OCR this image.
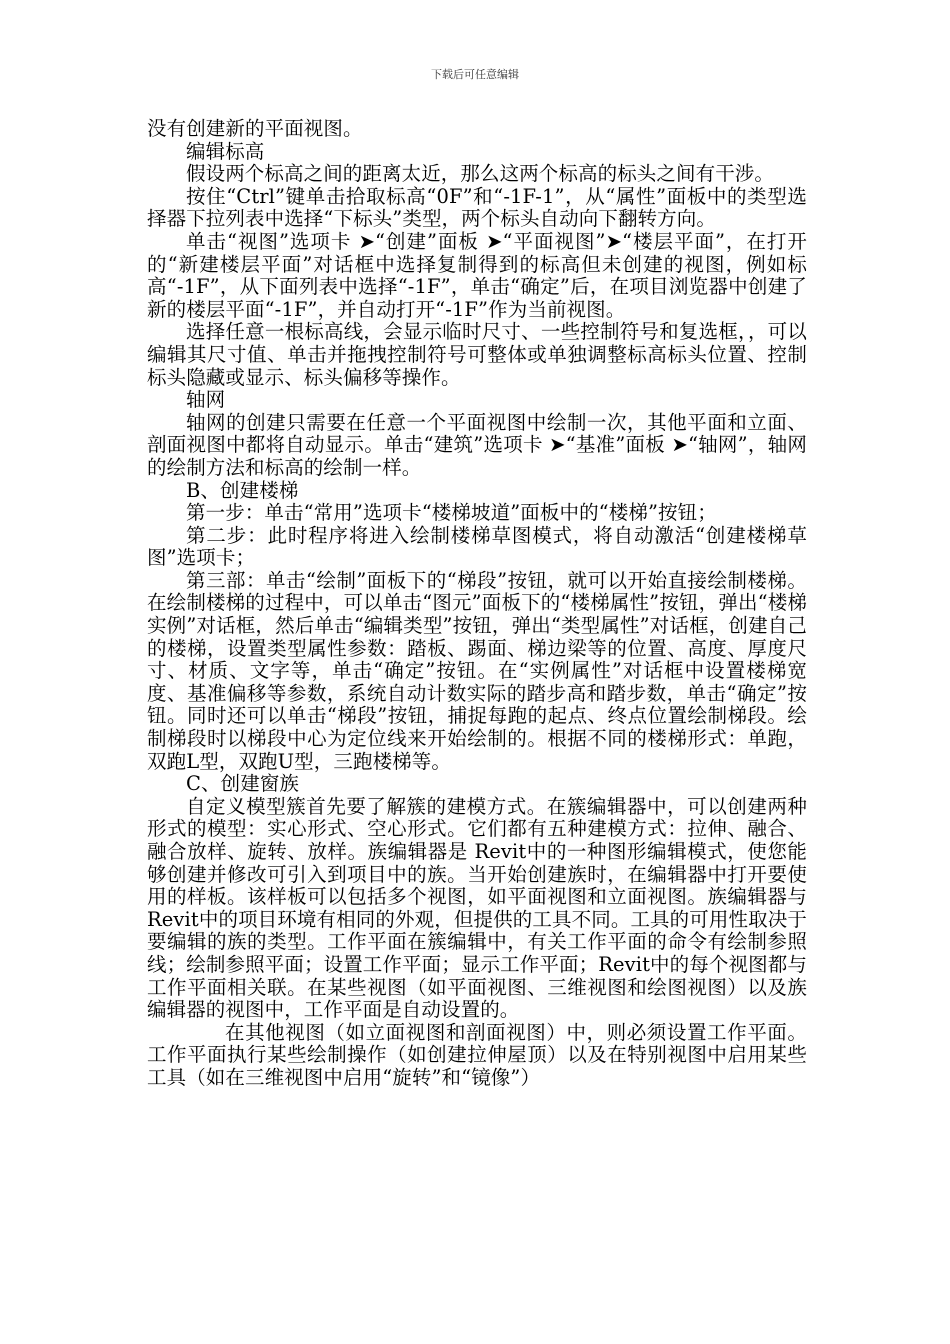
下载后可任意编辑

没有创建新的平面视图。

编辑标高

假设两个标高之间的距离太近，那么这两个标高的标头之间有干涉。

按住“Ctrl”键单击拾取标高“0F”和“-1F-1”，从“属性”面板中的类型选择器下拉列表中选择“下标头”类型，两个标头自动向下翻转方向。

单击“视图”选项卡 ➤“创建”面板 ➤“平面视图”➤“楼层平面”，在打开的“新建楼层平面”对话框中选择复制得到的标高但未创建的视图，例如标高“-1F”，从下面列表中选择“-1F”，单击“确定”后，在项目浏览器中创建了新的楼层平面“-1F”，并自动打开“-1F”作为当前视图。

选择任意一根标高线，会显示临时尺寸、一些控制符号和复选框，，可以编辑其尺寸值、单击并拖拽控制符号可整体或单独调整标高标头位置、控制标头隐藏或显示、标头偏移等操作。

轴网

轴网的创建只需要在任意一个平面视图中绘制一次，其他平面和立面、剖面视图中都将自动显示。单击“建筑”选项卡 ➤“基准”面板 ➤“轴网”，轴网的绘制方法和标高的绘制一样。

B、创建楼梯

第一步：单击“常用”选项卡“楼梯坡道”面板中的“楼梯”按钮；

第二步：此时程序将进入绘制楼梯草图模式，将自动激活“创建楼梯草图”选项卡；

第三部：单击“绘制”面板下的“梯段”按钮，就可以开始直接绘制楼梯。在绘制楼梯的过程中，可以单击“图元”面板下的“楼梯属性”按钮，弹出“楼梯实例”对话框，然后单击“编辑类型”按钮，弹出“类型属性”对话框，创建自己的楼梯，设置类型属性参数：踏板、踢面、梯边梁等的位置、高度、厚度尺寸、材质、文字等，单击“确定”按钮。在“实例属性”对话框中设置楼梯宽度、基准偏移等参数，系统自动计数实际的踏步高和踏步数，单击“确定”按钮。同时还可以单击“梯段”按钮，捕捉每跑的起点、终点位置绘制梯段。绘制梯段时以梯段中心为定位线来开始绘制的。根据不同的楼梯形式：单跑，双跑L型，双跑U型，三跑楼梯等。

C、创建窗族

自定义模型簇首先要了解簇的建模方式。在簇编辑器中，可以创建两种形式的模型：实心形式、空心形式。它们都有五种建模方式：拉伸、融合、融合放样、旋转、放样。族编辑器是 Revit中的一种图形编辑模式，使您能够创建并修改可引入到项目中的族。当开始创建族时，在编辑器中打开要使用的样板。该样板可以包括多个视图，如平面视图和立面视图。族编辑器与 Revit中的项目环境有相同的外观，但提供的工具不同。工具的可用性取决于要编辑的族的类型。工作平面在簇编辑中，有关工作平面的命令有绘制参照线；绘制参照平面；设置工作平面；显示工作平面；Revit中的每个视图都与工作平面相关联。在某些视图（如平面视图、三维视图和绘图视图）以及族编辑器的视图中，工作平面是自动设置的。

在其他视图（如立面视图和剖面视图）中，则必须设置工作平面。工作平面执行某些绘制操作（如创建拉伸屋顶）以及在特别视图中启用某些工具（如在三维视图中启用“旋转”和“镜像”）
